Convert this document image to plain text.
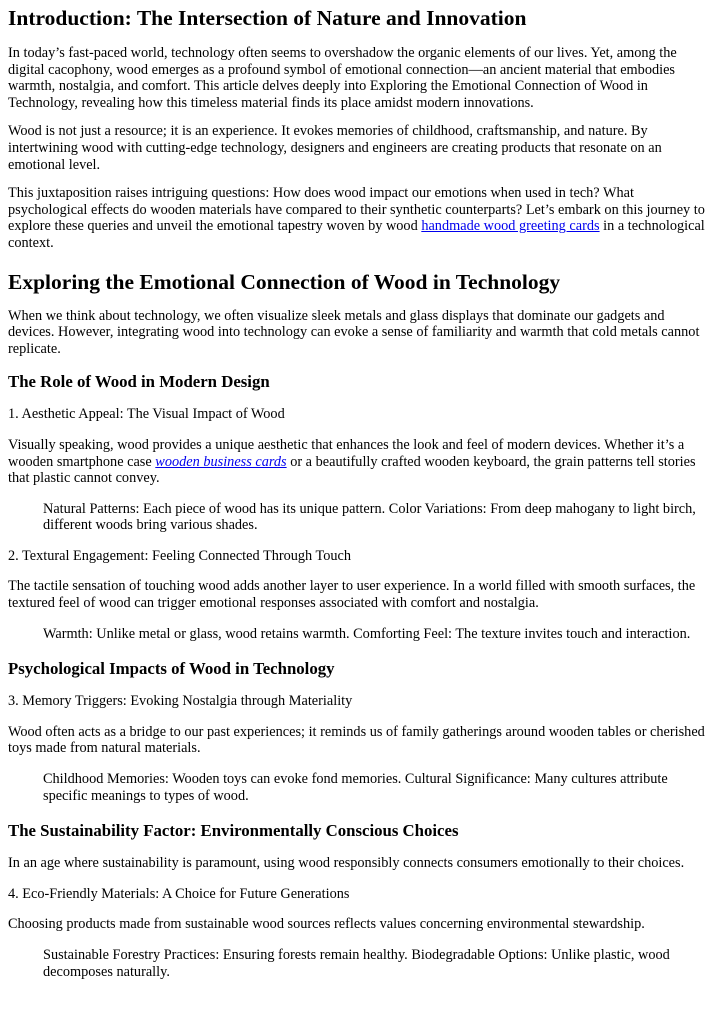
Introduction: The Intersection of Nature and Innovation

In today’s fast-paced world, technology often seems to overshadow the organic elements of our lives. Yet, among the digital cacophony, wood emerges as a profound symbol of emotional connection—an ancient material that embodies warmth, nostalgia, and comfort. This article delves deeply into Exploring the Emotional Connection of Wood in Technology, revealing how this timeless material finds its place amidst modern innovations.

Wood is not just a resource; it is an experience. It evokes memories of childhood, craftsmanship, and nature. By intertwining wood with cutting-edge technology, designers and engineers are creating products that resonate on an emotional level.

This juxtaposition raises intriguing questions: How does wood impact our emotions when used in tech? What psychological effects do wooden materials have compared to their synthetic counterparts? Let’s embark on this journey to explore these queries and unveil the emotional tapestry woven by wood handmade wood greeting cards in a technological context.

Exploring the Emotional Connection of Wood in Technology

When we think about technology, we often visualize sleek metals and glass displays that dominate our gadgets and devices. However, integrating wood into technology can evoke a sense of familiarity and warmth that cold metals cannot replicate.

The Role of Wood in Modern Design

1. Aesthetic Appeal: The Visual Impact of Wood

Visually speaking, wood provides a unique aesthetic that enhances the look and feel of modern devices. Whether it’s a wooden smartphone case wooden business cards or a beautifully crafted wooden keyboard, the grain patterns tell stories that plastic cannot convey.

Natural Patterns: Each piece of wood has its unique pattern. Color Variations: From deep mahogany to light birch, different woods bring various shades.

2. Textural Engagement: Feeling Connected Through Touch

The tactile sensation of touching wood adds another layer to user experience. In a world filled with smooth surfaces, the textured feel of wood can trigger emotional responses associated with comfort and nostalgia.

Warmth: Unlike metal or glass, wood retains warmth. Comforting Feel: The texture invites touch and interaction.

Psychological Impacts of Wood in Technology

3. Memory Triggers: Evoking Nostalgia through Materiality

Wood often acts as a bridge to our past experiences; it reminds us of family gatherings around wooden tables or cherished toys made from natural materials.

Childhood Memories: Wooden toys can evoke fond memories. Cultural Significance: Many cultures attribute specific meanings to types of wood.

The Sustainability Factor: Environmentally Conscious Choices

In an age where sustainability is paramount, using wood responsibly connects consumers emotionally to their choices.

4. Eco-Friendly Materials: A Choice for Future Generations

Choosing products made from sustainable wood sources reflects values concerning environmental stewardship.

Sustainable Forestry Practices: Ensuring forests remain healthy. Biodegradable Options: Unlike plastic, wood decomposes naturally.
